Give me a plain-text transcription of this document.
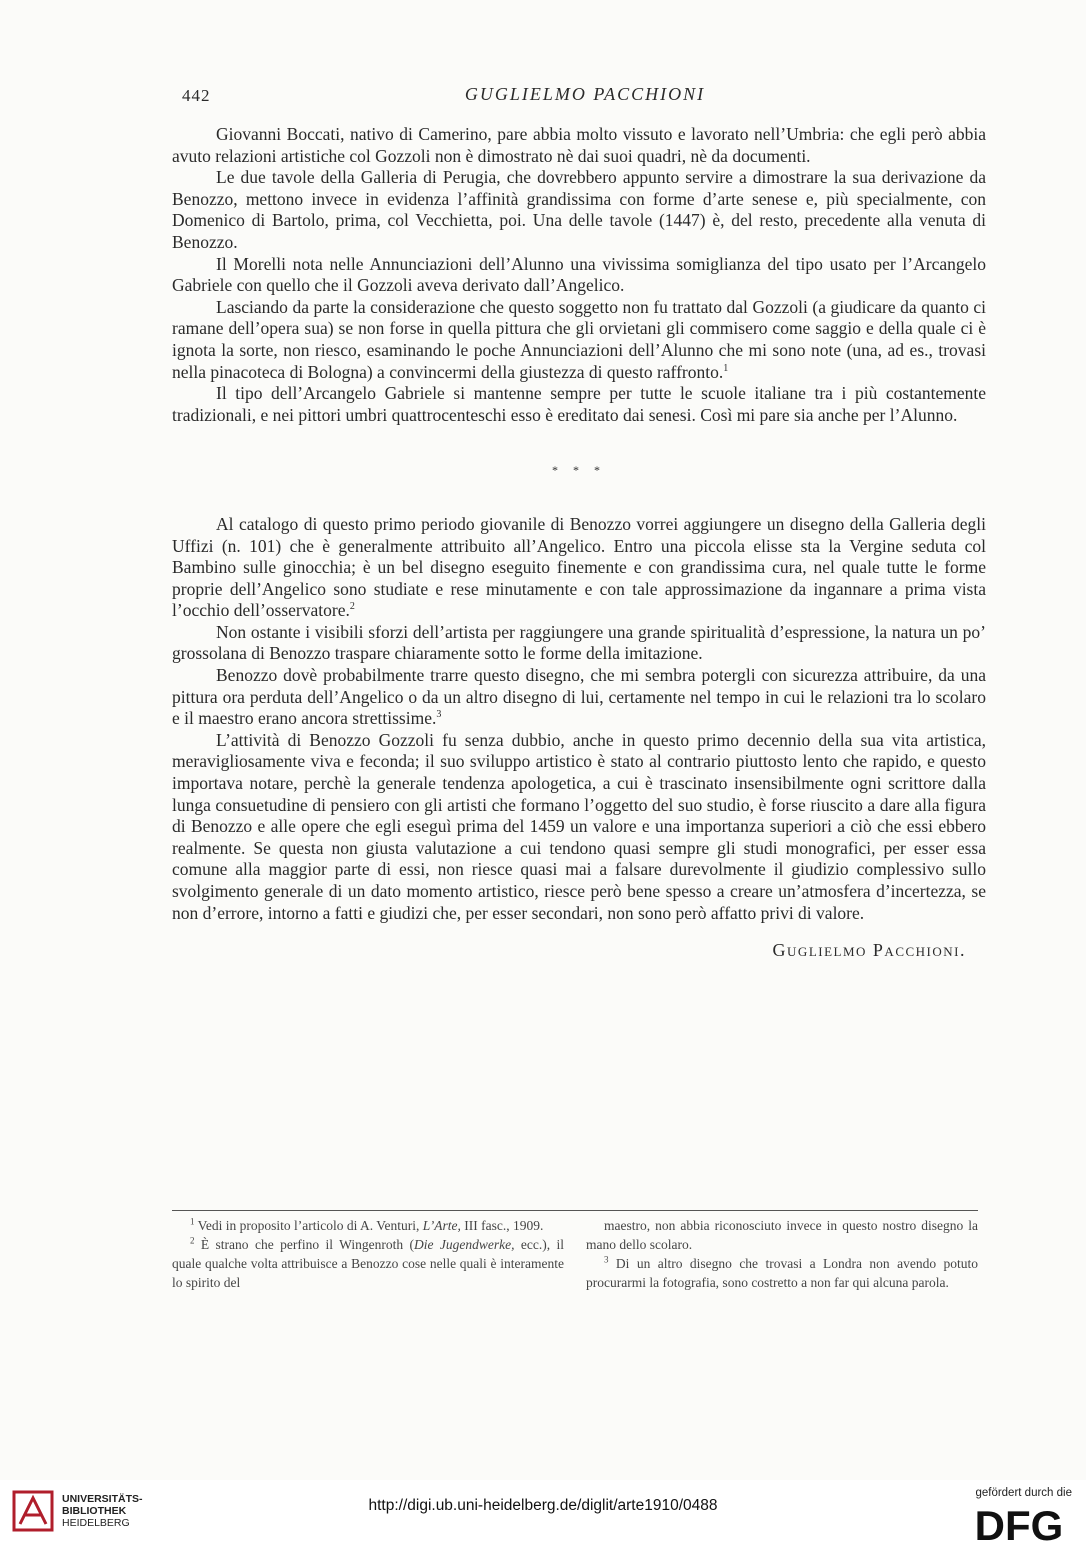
442	GUGLIELMO PACCHIONI

Giovanni Boccati, nativo di Camerino, pare abbia molto vissuto e lavorato nell’Umbria: che egli però abbia avuto relazioni artistiche col Gozzoli non è dimostrato nè dai suoi quadri, nè da documenti.

Le due tavole della Galleria di Perugia, che dovrebbero appunto servire a dimostrare la sua derivazione da Benozzo, mettono invece in evidenza l’affinità grandissima con forme d’arte senese e, più specialmente, con Domenico di Bartolo, prima, col Vecchietta, poi. Una delle tavole (1447) è, del resto, precedente alla venuta di Benozzo.

Il Morelli nota nelle Annunciazioni dell’Alunno una vivissima somiglianza del tipo usato per l’Arcangelo Gabriele con quello che il Gozzoli aveva derivato dall’Angelico.

Lasciando da parte la considerazione che questo soggetto non fu trattato dal Gozzoli (a giudicare da quanto ci ramane dell’opera sua) se non forse in quella pittura che gli orvietani gli commisero come saggio e della quale ci è ignota la sorte, non riesco, esaminando le poche Annunciazioni dell’Alunno che mi sono note (una, ad es., trovasi nella pinacoteca di Bologna) a convincermi della giustezza di questo raffronto.$^1$

Il tipo dell’Arcangelo Gabriele si mantenne sempre per tutte le scuole italiane tra i più costantemente tradizionali, e nei pittori umbri quattrocenteschi esso è ereditato dai senesi. Così mi pare sia anche per l’Alunno.

* * *

Al catalogo di questo primo periodo giovanile di Benozzo vorrei aggiungere un disegno della Galleria degli Uffizi (n. 101) che è generalmente attribuito all’Angelico. Entro una piccola elisse sta la Vergine seduta col Bambino sulle ginocchia; è un bel disegno eseguito finemente e con grandissima cura, nel quale tutte le forme proprie dell’Angelico sono studiate e rese minutamente e con tale approssimazione da ingannare a prima vista l’occhio dell’osservatore.$^2$

Non ostante i visibili sforzi dell’artista per raggiungere una grande spiritualità d’espressione, la natura un po’ grossolana di Benozzo traspare chiaramente sotto le forme della imitazione.

Benozzo dovè probabilmente trarre questo disegno, che mi sembra potergli con sicurezza attribuire, da una pittura ora perduta dell’Angelico o da un altro disegno di lui, certamente nel tempo in cui le relazioni tra lo scolaro e il maestro erano ancora strettissime.$^3$

L’attività di Benozzo Gozzoli fu senza dubbio, anche in questo primo decennio della sua vita artistica, meravigliosamente viva e feconda; il suo sviluppo artistico è stato al contrario piuttosto lento che rapido, e questo importava notare, perchè la generale tendenza apologetica, a cui è trascinato insensibilmente ogni scrittore dalla lunga consuetudine di pensiero con gli artisti che formano l’oggetto del suo studio, è forse riuscito a dare alla figura di Benozzo e alle opere che egli eseguì prima del 1459 un valore e una importanza superiori a ciò che essi ebbero realmente. Se questa non giusta valutazione a cui tendono quasi sempre gli studi monografici, per esser essa comune alla maggior parte di essi, non riesce quasi mai a falsare durevolmente il giudizio complessivo sullo svolgimento generale di un dato momento artistico, riesce però bene spesso a creare un’atmosfera d’incertezza, se non d’errore, intorno a fatti e giudizi che, per esser secondari, non sono però affatto privi di valore.

Guglielmo Pacchioni.

$^1$ Vedi in proposito l’articolo di A. Venturi, L’Arte, III fasc., 1909.

$^2$ È strano che perfino il Wingenroth (Die Jugendwerke, ecc.), il quale qualche volta attribuisce a Benozzo cose nelle quali è interamente lo spirito del

maestro, non abbia riconosciuto invece in questo nostro disegno la mano dello scolaro.

$^3$ Di un altro disegno che trovasi a Londra non avendo potuto procurarmi la fotografia, sono costretto a non far qui alcuna parola.

UNIVERSITÄTS-
BIBLIOTHEK
HEIDELBERG
http://digi.ub.uni-heidelberg.de/diglit/arte1910/0488
gefördert durch die
DFG
